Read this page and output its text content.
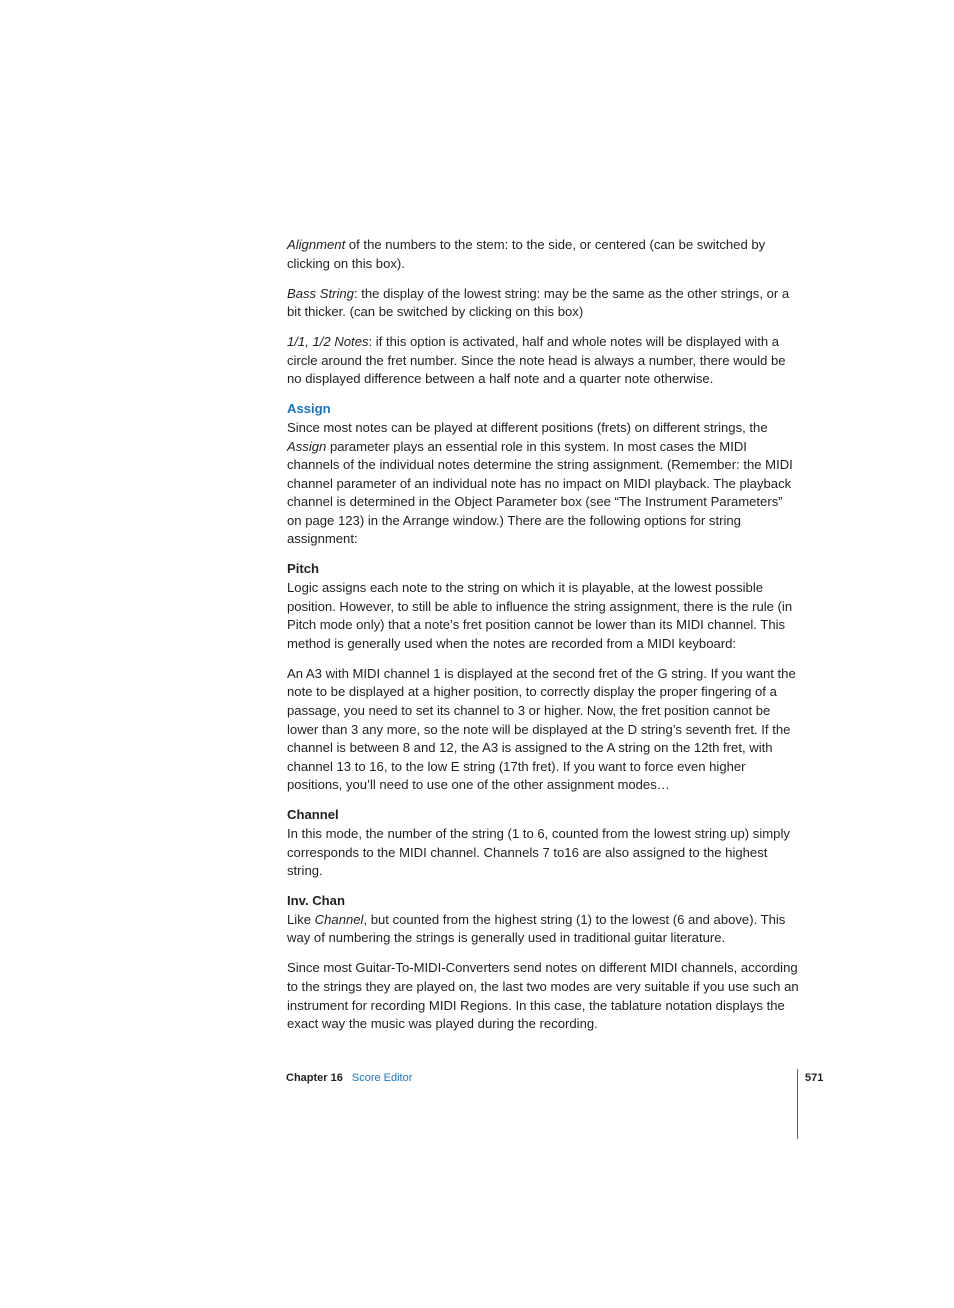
Alignment of the numbers to the stem: to the side, or centered (can be switched by clicking on this box).

Bass String: the display of the lowest string: may be the same as the other strings, or a bit thicker. (can be switched by clicking on this box)

1/1, 1/2 Notes: if this option is activated, half and whole notes will be displayed with a circle around the fret number. Since the note head is always a number, there would be no displayed difference between a half note and a quarter note otherwise.

Assign

Since most notes can be played at different positions (frets) on different strings, the Assign parameter plays an essential role in this system. In most cases the MIDI channels of the individual notes determine the string assignment. (Remember: the MIDI channel parameter of an individual note has no impact on MIDI playback. The playback channel is determined in the Object Parameter box (see “The Instrument Parameters” on page 123) in the Arrange window.) There are the following options for string assignment:

Pitch

Logic assigns each note to the string on which it is playable, at the lowest possible position. However, to still be able to influence the string assignment, there is the rule (in Pitch mode only) that a note’s fret position cannot be lower than its MIDI channel. This method is generally used when the notes are recorded from a MIDI keyboard:

An A3 with MIDI channel 1 is displayed at the second fret of the G string. If you want the note to be displayed at a higher position, to correctly display the proper fingering of a passage, you need to set its channel to 3 or higher. Now, the fret position cannot be lower than 3 any more, so the note will be displayed at the D string’s seventh fret. If the channel is between 8 and 12, the A3 is assigned to the A string on the 12th fret, with channel 13 to 16, to the low E string (17th fret). If you want to force even higher positions, you’ll need to use one of the other assignment modes…

Channel

In this mode, the number of the string (1 to 6, counted from the lowest string up) simply corresponds to the MIDI channel. Channels 7 to16 are also assigned to the highest string.

Inv. Chan

Like Channel, but counted from the highest string (1) to the lowest (6 and above). This way of numbering the strings is generally used in traditional guitar literature.

Since most Guitar-To-MIDI-Converters send notes on different MIDI channels, according to the strings they are played on, the last two modes are very suitable if you use such an instrument for recording MIDI Regions. In this case, the tablature notation displays the exact way the music was played during the recording.

Chapter 16 Score Editor	571
